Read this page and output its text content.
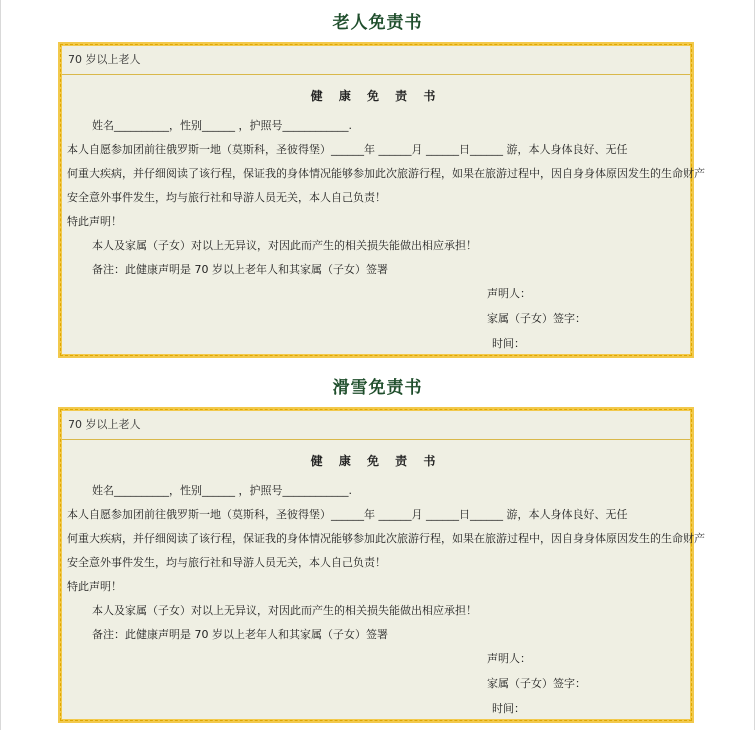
老人免责书
70 岁以上老人
健 康 免 责 书
姓名__________，性别______ ，护照号____________.
本人自愿参加团前往俄罗斯一地（莫斯科，圣彼得堡）______年 ______月 ______日______ 游，本人身体良好、无任
何重大疾病，并仔细阅读了该行程，保证我的身体情况能够参加此次旅游行程，如果在旅游过程中，因自身身体原因发生的生命财产
安全意外事件发生，均与旅行社和导游人员无关，本人自己负责！
特此声明！
本人及家属（子女）对以上无异议，对因此而产生的相关损失能做出相应承担！
备注：此健康声明是 70 岁以上老年人和其家属（子女）签署
声明人：
家属（子女）签字：
时间：
滑雪免责书
70 岁以上老人
健 康 免 责 书
姓名__________，性别______ ，护照号____________.
本人自愿参加团前往俄罗斯一地（莫斯科，圣彼得堡）______年 ______月 ______日______ 游，本人身体良好、无任
何重大疾病，并仔细阅读了该行程，保证我的身体情况能够参加此次旅游行程，如果在旅游过程中，因自身身体原因发生的生命财产
安全意外事件发生，均与旅行社和导游人员无关，本人自己负责！
特此声明！
本人及家属（子女）对以上无异议，对因此而产生的相关损失能做出相应承担！
备注：此健康声明是 70 岁以上老年人和其家属（子女）签署
声明人：
家属（子女）签字：
时间：
